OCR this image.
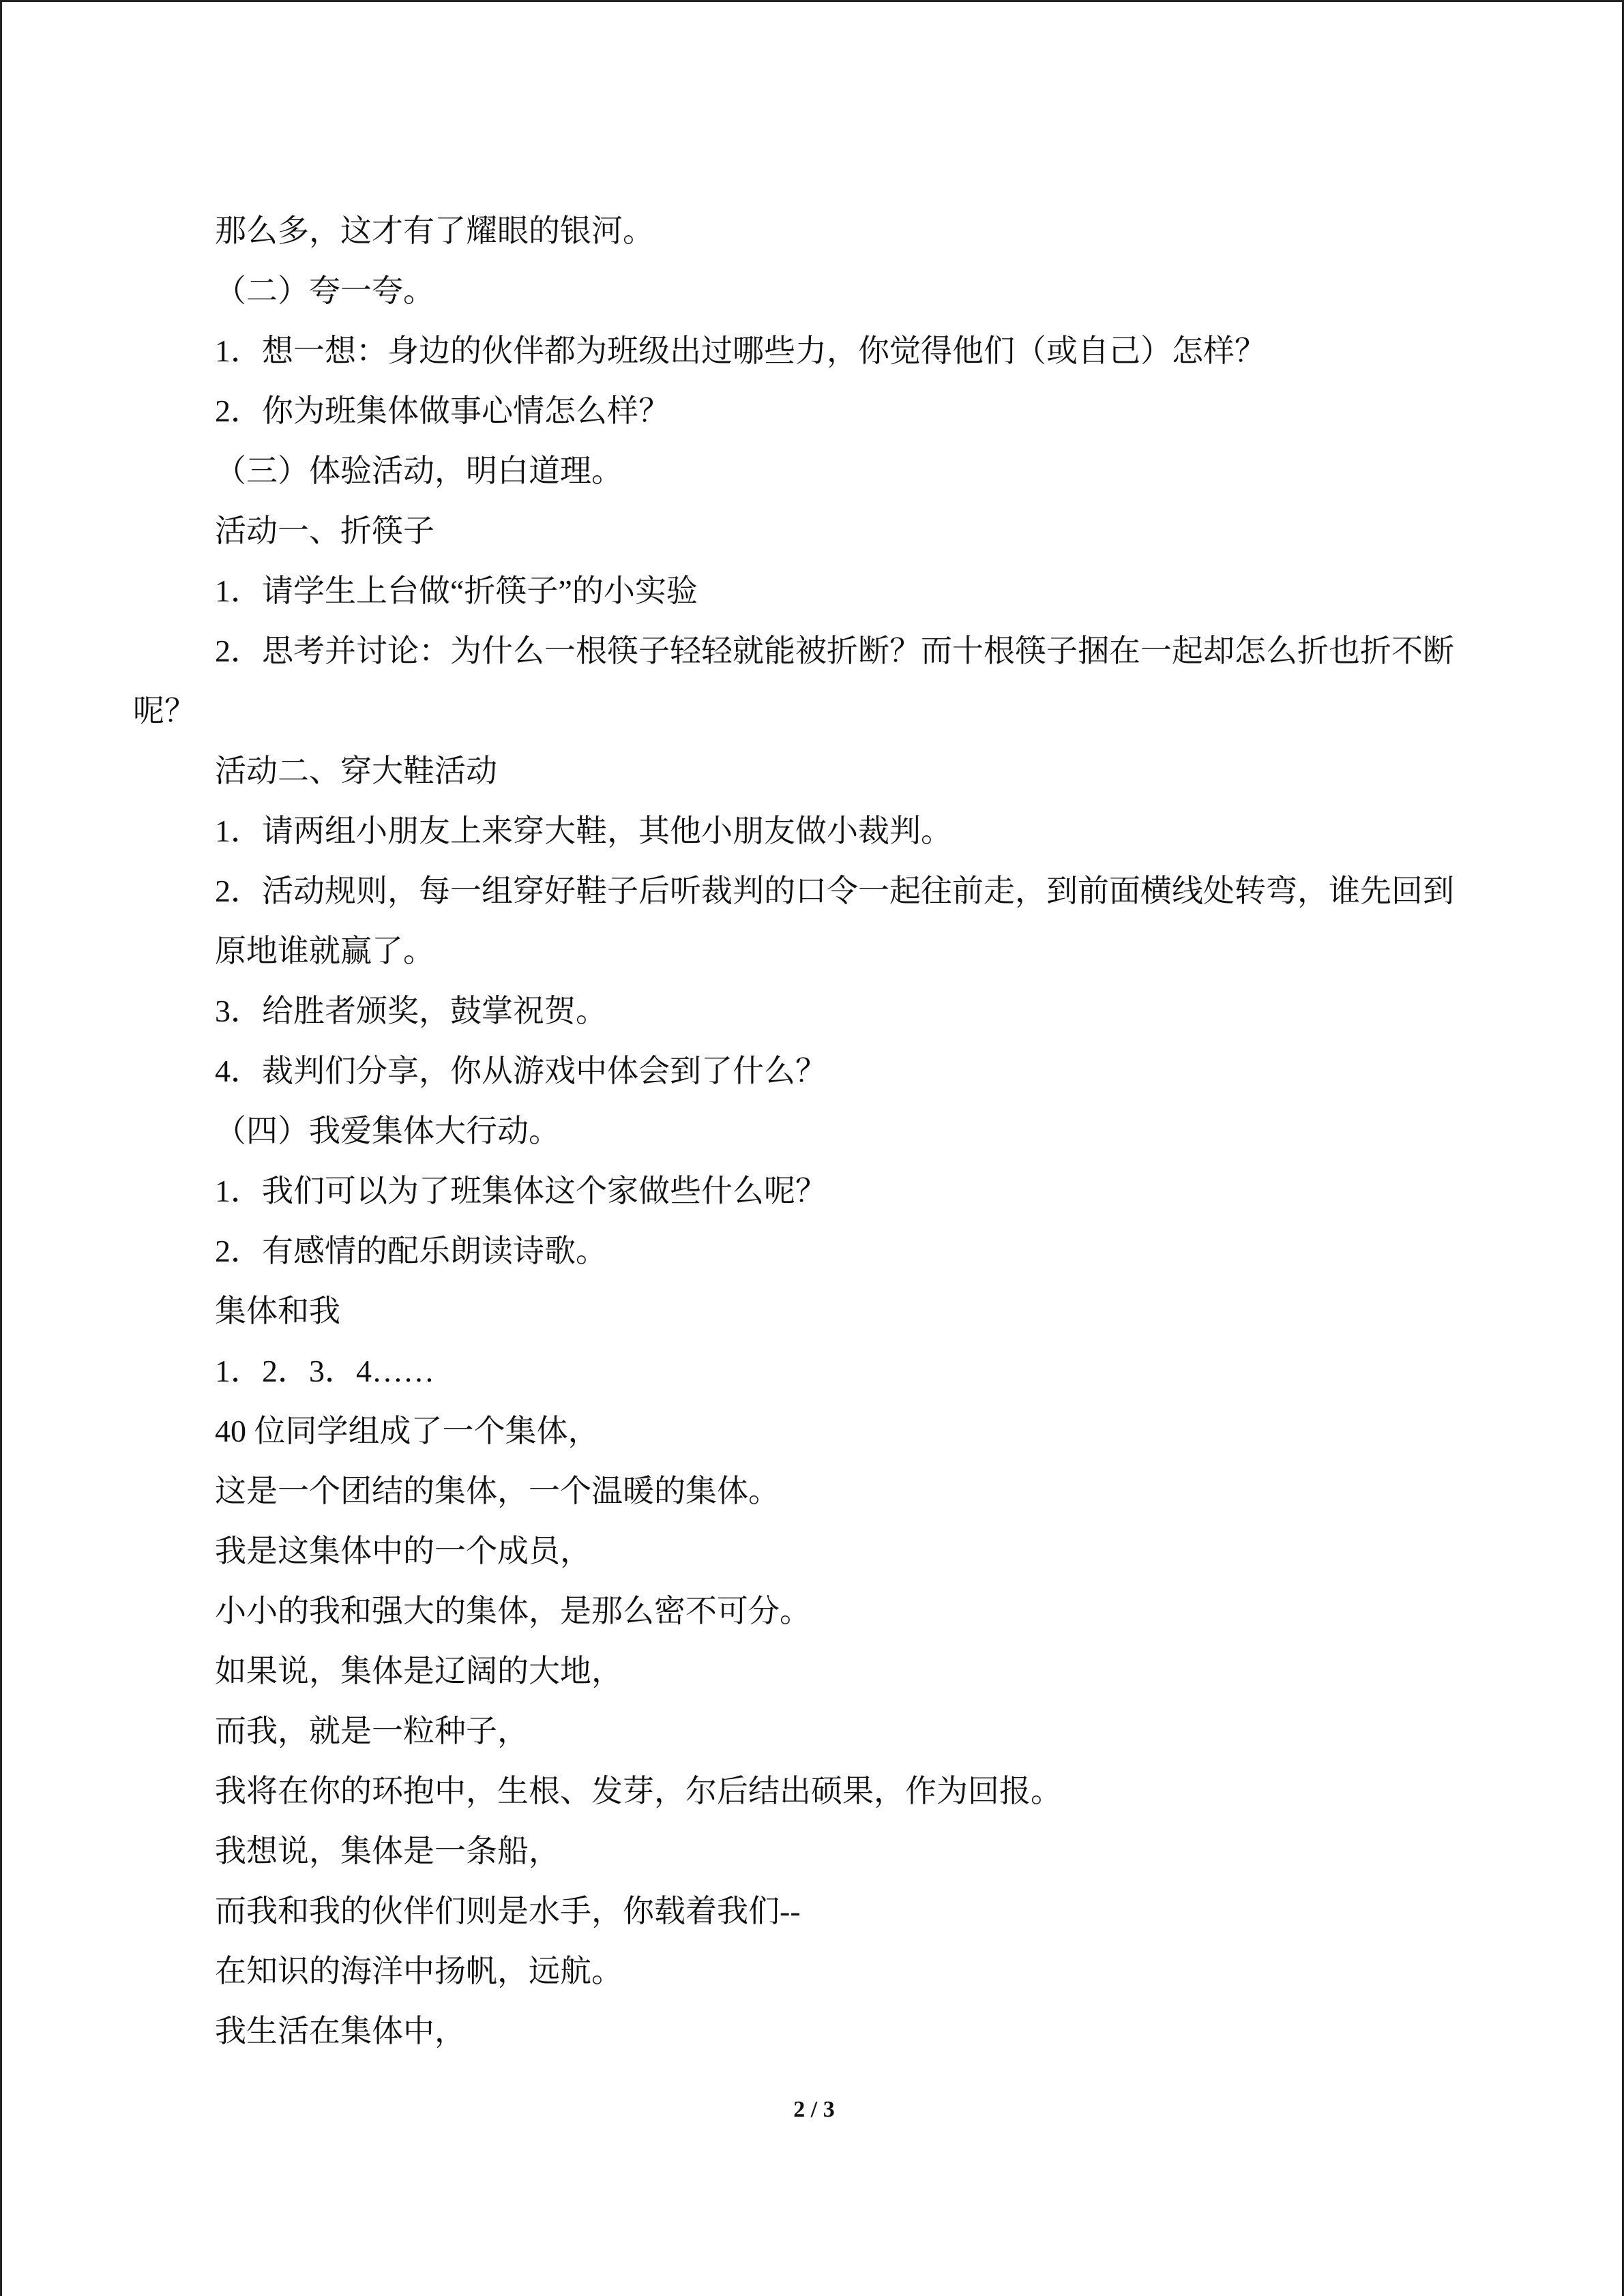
那么多，这才有了耀眼的银河。
（二）夸一夸。
1．想一想：身边的伙伴都为班级出过哪些力，你觉得他们（或自己）怎样？
2．你为班集体做事心情怎么样？
（三）体验活动，明白道理。
活动一、折筷子
1．请学生上台做“折筷子”的小实验
2．思考并讨论：为什么一根筷子轻轻就能被折断？而十根筷子捆在一起却怎么折也折不断呢？
活动二、穿大鞋活动
1．请两组小朋友上来穿大鞋，其他小朋友做小裁判。
2．活动规则，每一组穿好鞋子后听裁判的口令一起往前走，到前面横线处转弯，谁先回到原地谁就赢了。
3．给胜者颁奖，鼓掌祝贺。
4．裁判们分享，你从游戏中体会到了什么？
（四）我爱集体大行动。
1．我们可以为了班集体这个家做些什么呢？
2．有感情的配乐朗读诗歌。
集体和我
1．2．3．4……
40 位同学组成了一个集体，
这是一个团结的集体，一个温暖的集体。
我是这集体中的一个成员，
小小的我和强大的集体，是那么密不可分。
如果说，集体是辽阔的大地，
而我，就是一粒种子，
我将在你的环抱中，生根、发芽，尔后结出硕果，作为回报。
我想说，集体是一条船，
而我和我的伙伴们则是水手，你载着我们--
在知识的海洋中扬帆，远航。
我生活在集体中，
2 / 3
